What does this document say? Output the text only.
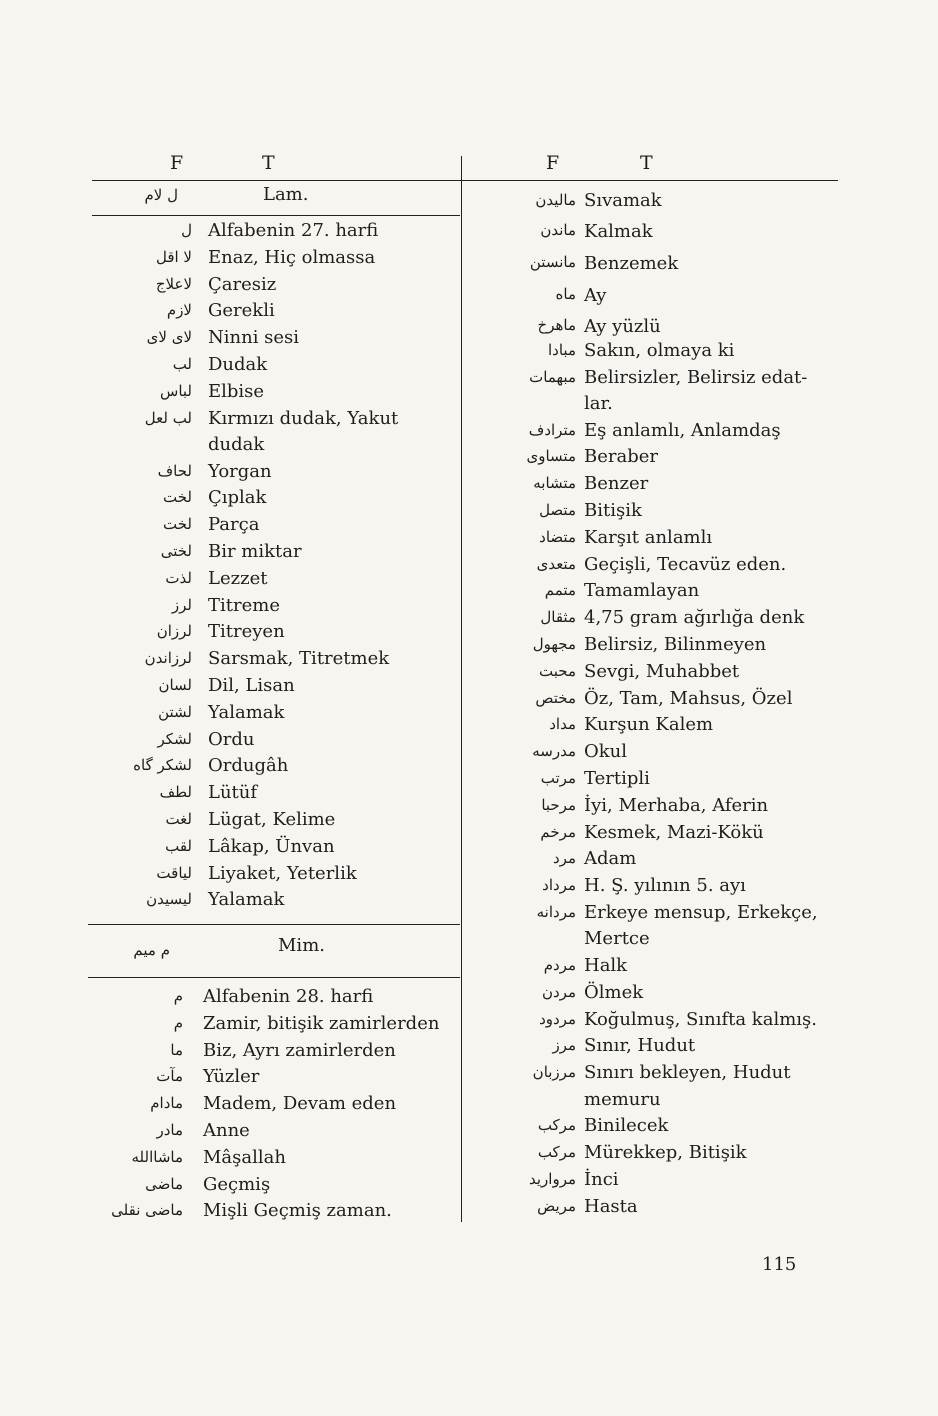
F	T	F	T
ل لام	Lam.
ل Alfabenin 27. harfi
لا اقل Enaz, Hiç olmassa
لاعلاج Çaresiz
لازم Gerekli
لای لای Ninni sesi
لب Dudak
لباس Elbise
لب لعل Kırmızı dudak, Yakut dudak
لحاف Yorgan
لخت Çıplak
لخت Parça
لختی Bir miktar
لذت Lezzet
لرز Titreme
لرزان Titreyen
لرزاندن Sarsmak, Titretmek
لسان Dil, Lisan
لشتن Yalamak
لشکر Ordu
لشکر گاه Ordugâh
لطف Lütüf
لغت Lügat, Kelime
لقب Lâkap, Ünvan
لیاقت Liyaket, Yeterlik
لیسیدن Yalamak
م میم	Mim.
م Alfabenin 28. harfi
م Zamir, bitişik zamirlerden
ما Biz, Ayrı zamirlerden
مآت Yüzler
مادام Madem, Devam eden
مادر Anne
ماشاالله Mâşallah
ماضی Geçmiş
ماضی نقلی Mişli Geçmiş zaman.
مالیدن Sıvamak
ماندن Kalmak
مانستن Benzemek
ماه Ay
ماهرخ Ay yüzlü
مبادا Sakın, olmaya ki
مبهمات Belirsizler, Belirsiz edat-lar.
مترادف Eş anlamlı, Anlamdaş
متساوی Beraber
متشابه Benzer
متصل Bitişik
متضاد Karşıt anlamlı
متعدی Geçişli, Tecavüz eden.
متمم Tamamlayan
مثقال 4,75 gram ağırlığa denk
مجهول Belirsiz, Bilinmeyen
محبت Sevgi, Muhabbet
مختص Öz, Tam, Mahsus, Özel
مداد Kurşun Kalem
مدرسه Okul
مرتب Tertipli
مرحبا İyi, Merhaba, Aferin
مرخم Kesmek, Mazi-Kökü
مرد Adam
مرداد H. Ş. yılının 5. ayı
مردانه Erkeye mensup, Erkekçe, Mertce
مردم Halk
مردن Ölmek
مردود Koğulmuş, Sınıfta kalmış.
مرز Sınır, Hudut
مرزبان Sınırı bekleyen, Hudut memuru
مرکب Binilecek
مرکب Mürekkep, Bitişik
مروارید İnci
مریض Hasta
115
